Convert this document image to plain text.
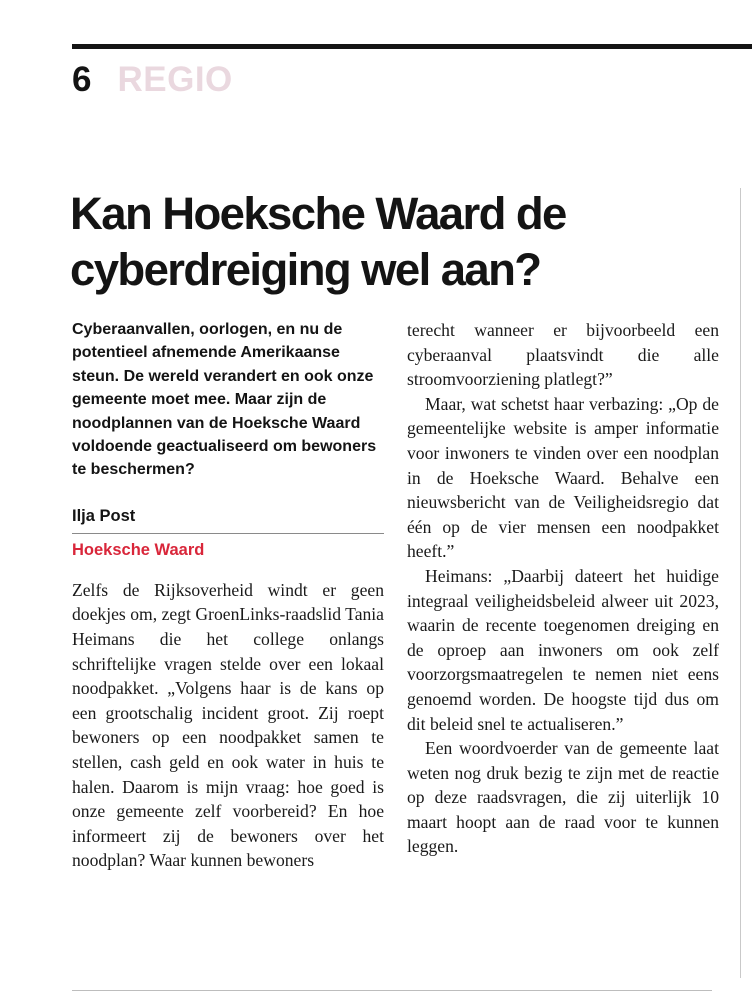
6 REGIO
Kan Hoeksche Waard de cyberdreiging wel aan?

Cyberaanvallen, oorlogen, en nu de potentieel afnemende Amerikaanse steun. De wereld verandert en ook onze gemeente moet mee. Maar zijn de noodplannen van de Hoeksche Waard voldoende geactualiseerd om bewoners te beschermen?

Ilja Post
Hoeksche Waard

Zelfs de Rijksoverheid windt er geen doekjes om, zegt GroenLinks-raadslid Tania Heimans die het college onlangs schriftelijke vragen stelde over een lokaal noodpakket. „Volgens haar is de kans op een grootschalig incident groot. Zij roept bewoners op een noodpakket samen te stellen, cash geld en ook water in huis te halen. Daarom is mijn vraag: hoe goed is onze gemeente zelf voorbereid? En hoe informeert zij de bewoners over het noodplan? Waar kunnen bewoners

terecht wanneer er bijvoorbeeld een cyberaanval plaatsvindt die alle stroomvoorziening platlegt?”

Maar, wat schetst haar verbazing: „Op de gemeentelijke website is amper informatie voor inwoners te vinden over een noodplan in de Hoeksche Waard. Behalve een nieuwsbericht van de Veiligheidsregio dat één op de vier mensen een noodpakket heeft.”

Heimans: „Daarbij dateert het huidige integraal veiligheidsbeleid alweer uit 2023, waarin de recente toegenomen dreiging en de oproep aan inwoners om ook zelf voorzorgsmaatregelen te nemen niet eens genoemd worden. De hoogste tijd dus om dit beleid snel te actualiseren.”

Een woordvoerder van de gemeente laat weten nog druk bezig te zijn met de reactie op deze raadsvragen, die zij uiterlijk 10 maart hoopt aan de raad voor te kunnen leggen.
